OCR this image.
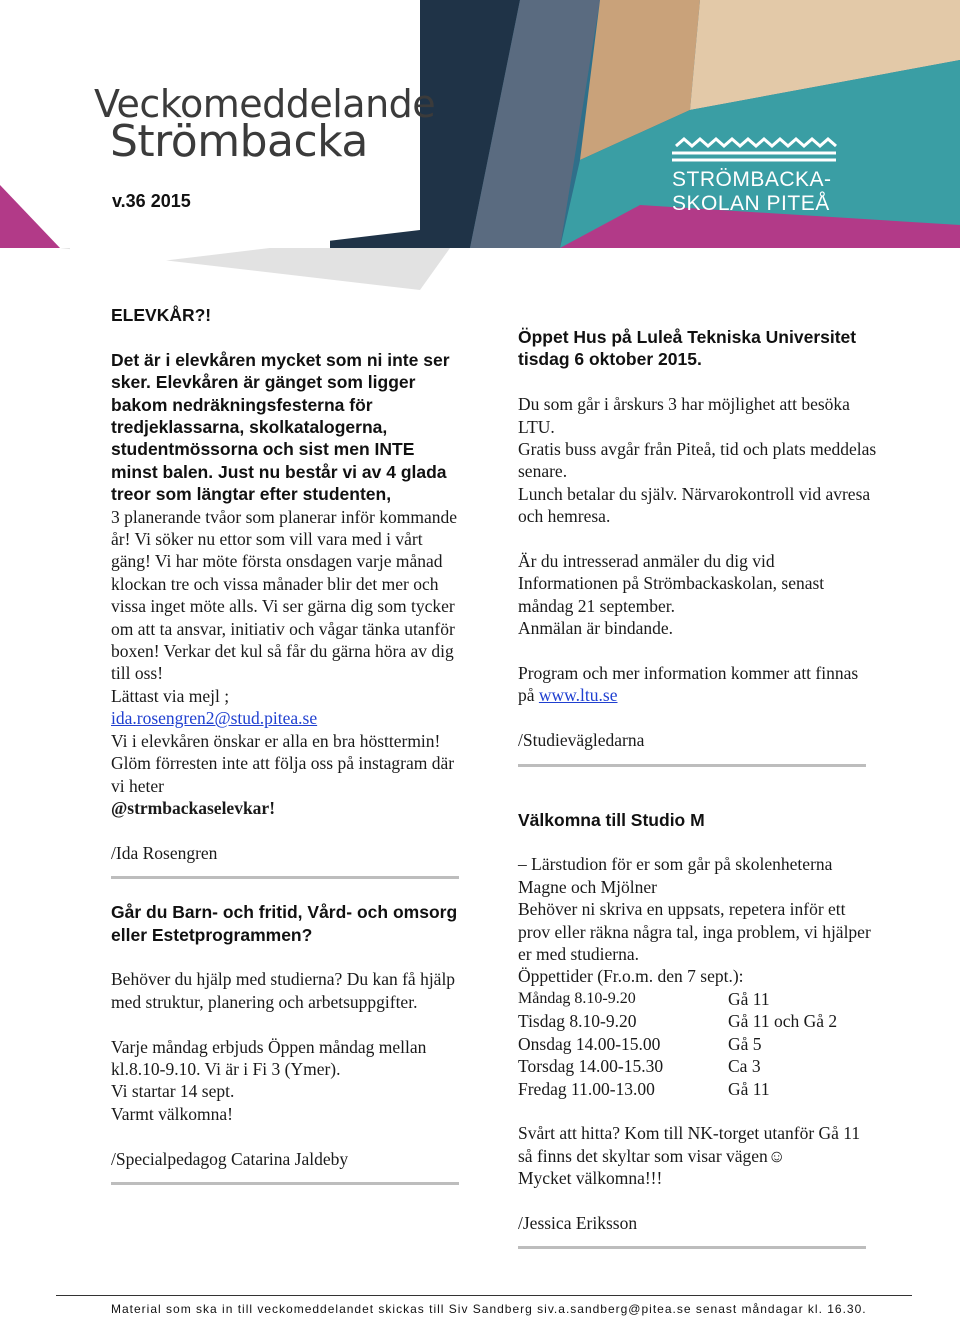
Veckomeddelande
Strömbacka
v.36 2015
STRÖMBACKA-
SKOLAN PITEÅ
ELEVKÅR?!

Det är i elevkåren mycket som ni inte ser sker. Elevkåren är gänget som ligger bakom nedräkningsfesterna för tredjeklassarna, skolkatalogerna, studentmössorna och sist men INTE minst balen. Just nu består vi av 4 glada treor som längtar efter studenten,

3 planerande tvåor som planerar inför kommande år! Vi söker nu ettor som vill vara med i vårt gäng! Vi har möte första onsdagen varje månad klockan tre och vissa månader blir det mer och vissa inget möte alls. Vi ser gärna dig som tycker om att ta ansvar, initiativ och vågar tänka utanför boxen! Verkar det kul så får du gärna höra av dig till oss!

Lättast via mejl ;

ida.rosengren2@stud.pitea.se

Vi i elevkåren önskar er alla en bra hösttermin! Glöm förresten inte att följa oss på instagram där vi heter

@strmbackaselevkar!

/Ida Rosengren

Går du Barn- och fritid, Vård- och omsorg eller Estetprogrammen?

Behöver du hjälp med studierna? Du kan få hjälp med struktur, planering och arbetsuppgifter.

Varje måndag erbjuds Öppen måndag mellan kl.8.10-9.10. Vi är i Fi 3 (Ymer).

Vi startar 14 sept.

Varmt välkomna!

/Specialpedagog Catarina Jaldeby

Öppet Hus på Luleå Tekniska Universitet tisdag 6 oktober 2015.

Du som går i årskurs 3 har möjlighet att besöka LTU.

Gratis buss avgår från Piteå, tid och plats meddelas senare.

Lunch betalar du själv. Närvarokontroll vid avresa och hemresa.

Är du intresserad anmäler du dig vid Informationen på Strömbackaskolan, senast måndag 21 september.

Anmälan är bindande.

Program och mer information kommer att finnas på www.ltu.se

/Studievägledarna

Välkomna till Studio M

– Lärstudion för er som går på skolenheterna Magne och Mjölner

Behöver ni skriva en uppsats, repetera inför ett prov eller räkna några tal, inga problem, vi hjälper er med studierna.

Öppettider (Fr.o.m. den 7 sept.):

Måndag 8.10-9.20	Gå 11
Tisdag 8.10-9.20	Gå 11 och Gå 2
Onsdag 14.00-15.00	Gå 5
Torsdag 14.00-15.30	Ca 3
Fredag 11.00-13.00	Gå 11

Svårt att hitta? Kom till NK-torget utanför Gå 11 så finns det skyltar som visar vägen☺

Mycket välkomna!!!

/Jessica Eriksson

Material som ska in till veckomeddelandet skickas till Siv Sandberg siv.a.sandberg@pitea.se senast måndagar kl. 16.30.
